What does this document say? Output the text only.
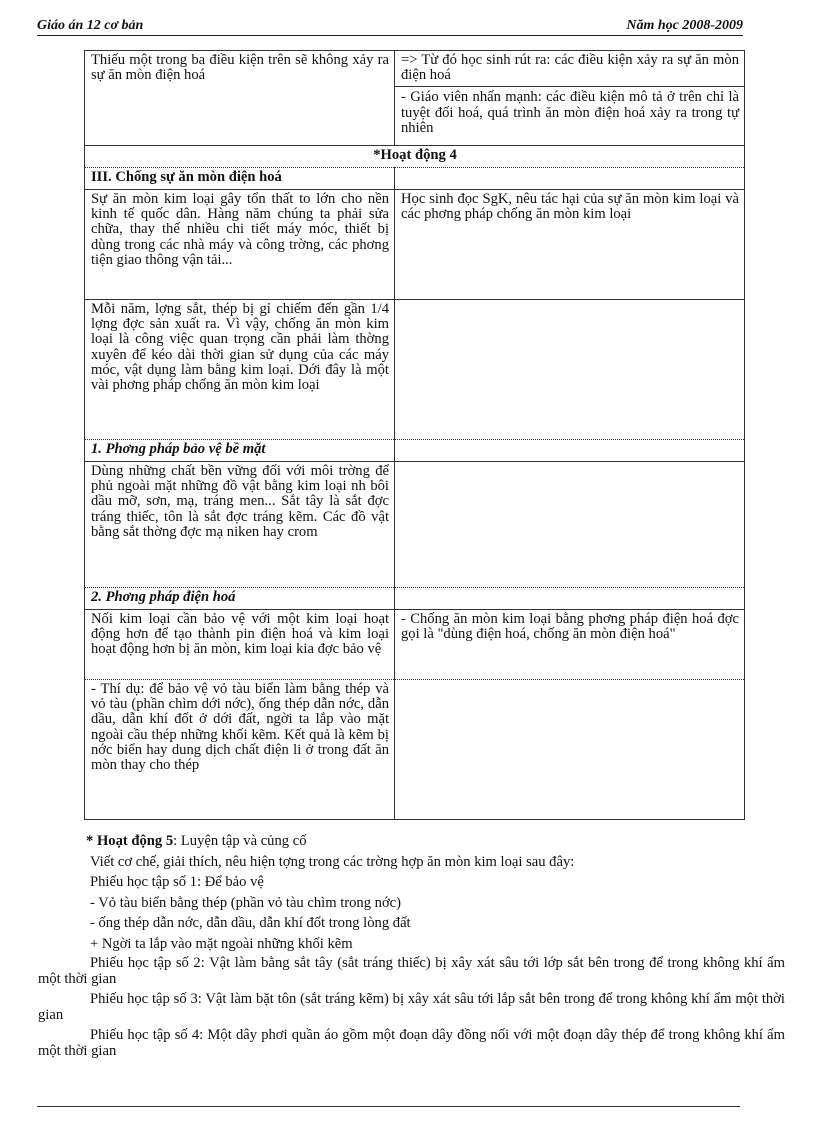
Giáo án 12 cơ bản	Năm học 2008-2009

Thiếu một trong ba điều kiện trên sẽ không xảy ra sự ăn mòn điện hoá	=> Từ đó học sinh rút ra: các điều kiện xảy ra sự ăn mòn điện hoá
- Giáo viên nhấn mạnh: các điều kiện mô tả ở trên chỉ là tuyệt đối hoá, quá trình ăn mòn điện hoá xảy ra trong tự nhiên

*Hoạt động 4	
III. Chống sự ăn mòn điện hoá	
Sự ăn mòn kim loại gây tổn thất to lớn cho nền kinh tế quốc dân. Hàng năm chúng ta phải sửa chữa, thay thế nhiều chi tiết máy móc, thiết bị dùng trong các nhà máy và công trờng, các phơng tiện giao thông vận tải...	Học sinh đọc SgK, nêu tác hại của sự ăn mòn kim loại và các phơng pháp chống ăn mòn kim loại
Mỗi năm, lợng sắt, thép bị gỉ chiếm đến gần 1/4 lợng đợc sản xuất ra. Vì vậy, chống ăn mòn kim loại là công việc quan trọng cần phải làm thờng xuyên để kéo dài thời gian sử dụng của các máy móc, vật dụng làm bằng kim loại. Dới đây là một vài phơng pháp chống ăn mòn kim loại	
1. Phơng pháp bảo vệ bề mặt	
Dùng những chất bền vững đối với môi trờng để phủ ngoài mặt những đồ vật bằng kim loại nh bôi dầu mỡ, sơn, mạ, tráng men... Sắt tây là sắt đợc tráng thiếc, tôn là sắt đợc tráng kẽm. Các đồ vật bằng sắt thờng đợc mạ niken hay crom	
2. Phơng pháp điện hoá	
Nối kim loại cần bảo vệ với một kim loại hoạt động hơn để tạo thành pin điện hoá và kim loại hoạt động hơn bị ăn mòn, kim loại kia đợc bảo vệ	- Chống ăn mòn kim loại bằng phơng pháp điện hoá đợc gọi là "dùng điện hoá, chống ăn mòn điện hoá"
- Thí dụ: để bảo vệ vỏ tàu biển làm bằng thép và vỏ tàu (phần chìm dới nớc), ống thép dẫn nớc, dẫn dầu, dẫn khí đốt ở dới đất, ngời ta lắp vào mặt ngoài cầu thép những khối kẽm. Kết quả là kẽm bị nớc biển hay dung dịch chất điện li ở trong đất ăn mòn thay cho thép	

* Hoạt động 5: Luyện tập và củng cố

Viết cơ chế, giải thích, nêu hiện tợng trong các trờng hợp ăn mòn kim loại sau đây:

Phiếu học tập số 1: Để bảo vệ

- Vỏ tàu biển bằng thép (phần vỏ tàu chìm trong nớc)

- ống thép dẫn nớc, dẫn dầu, dẫn khí đốt trong lòng đất

+ Ngời ta lắp vào mặt ngoài những khối kẽm

Phiếu học tập số 2: Vật làm bằng sắt tây (sắt tráng thiếc) bị xây xát sâu tới lớp sắt bên trong để trong không khí ẩm một thời gian

Phiếu học tập số 3: Vật làm bặt tôn (sắt tráng kẽm) bị xây xát sâu tới lắp sắt bên trong để trong không khí ẩm một thời gian

Phiếu học tập số 4: Một dây phơi quần áo gồm một đoạn dây đồng nối với một đoạn dây thép để trong không khí ẩm một thời gian
